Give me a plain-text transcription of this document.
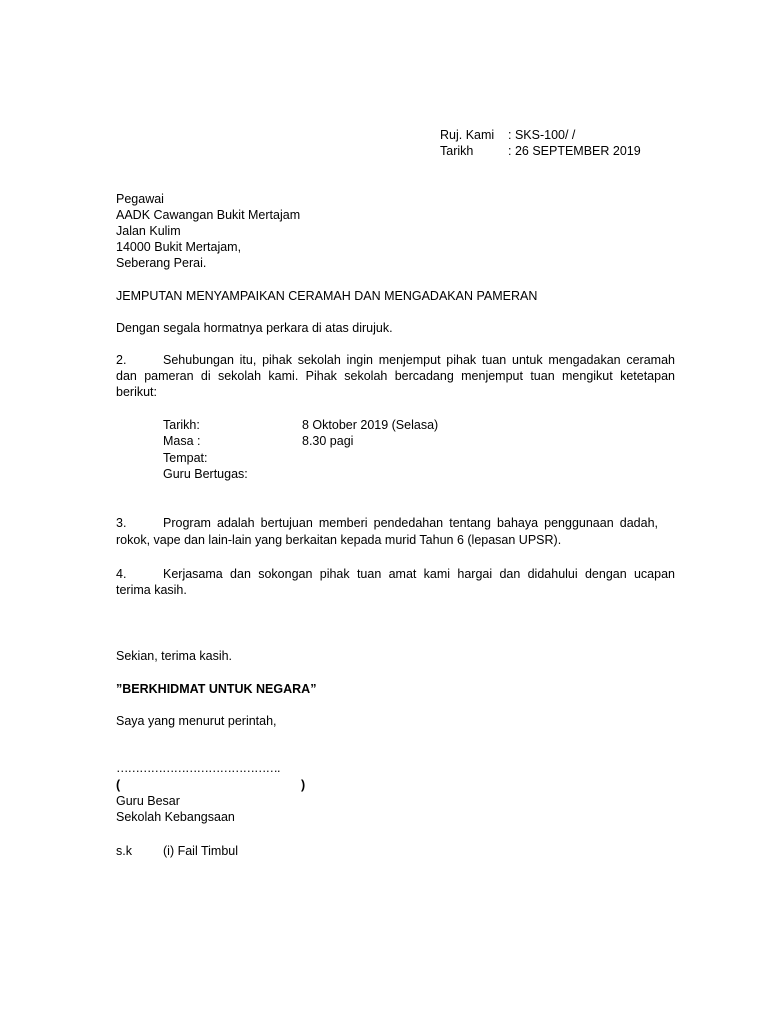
Ruj. Kami : SKS-100/ /
Tarikh	: 26 SEPTEMBER 2019
Pegawai
AADK Cawangan Bukit Mertajam
Jalan Kulim
14000 Bukit Mertajam,
Seberang Perai.
JEMPUTAN MENYAMPAIKAN CERAMAH DAN MENGADAKAN PAMERAN
Dengan segala hormatnya perkara di atas dirujuk.
2.	Sehubungan itu, pihak sekolah ingin menjemput pihak tuan untuk mengadakan ceramah
dan pameran di sekolah kami. Pihak sekolah bercadang menjemput tuan mengikut ketetapan
berikut:
Tarikh:	8 Oktober 2019 (Selasa)
Masa :	8.30 pagi
Tempat:
Guru Bertugas:
3.	Program adalah bertujuan memberi pendedahan tentang bahaya penggunaan dadah,
rokok, vape dan lain-lain yang berkaitan kepada murid Tahun 6 (lepasan UPSR).
4.	Kerjasama dan sokongan pihak tuan amat kami hargai dan didahului dengan ucapan
terima kasih.
Sekian, terima kasih.
”BERKHIDMAT UNTUK NEGARA”
Saya yang menurut perintah,
…………………………………….
(	)
Guru Besar
Sekolah Kebangsaan
s.k (i) Fail Timbul
